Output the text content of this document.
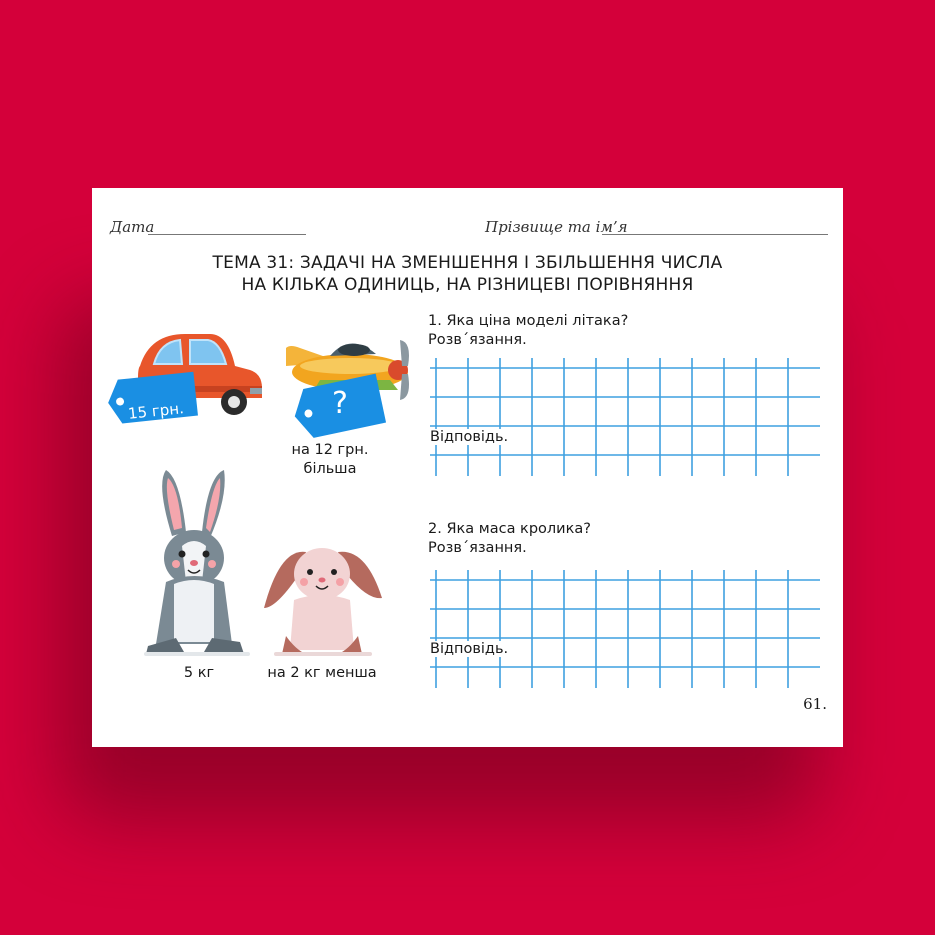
Дата	Прізвище та ім’я
ТЕМА 31: ЗАДАЧІ НА ЗМЕНШЕННЯ І ЗБІЛЬШЕННЯ ЧИСЛА
НА КІЛЬКА ОДИНИЦЬ, НА РІЗНИЦЕВІ ПОРІВНЯННЯ
15 грн.	?
на 12 грн.
більша
5 кг	на 2 кг менша
1. Яка ціна моделі літака?
Розв´язання.
Відповідь.
2. Яка маса кролика?
Розв´язання.
Відповідь.
61.
